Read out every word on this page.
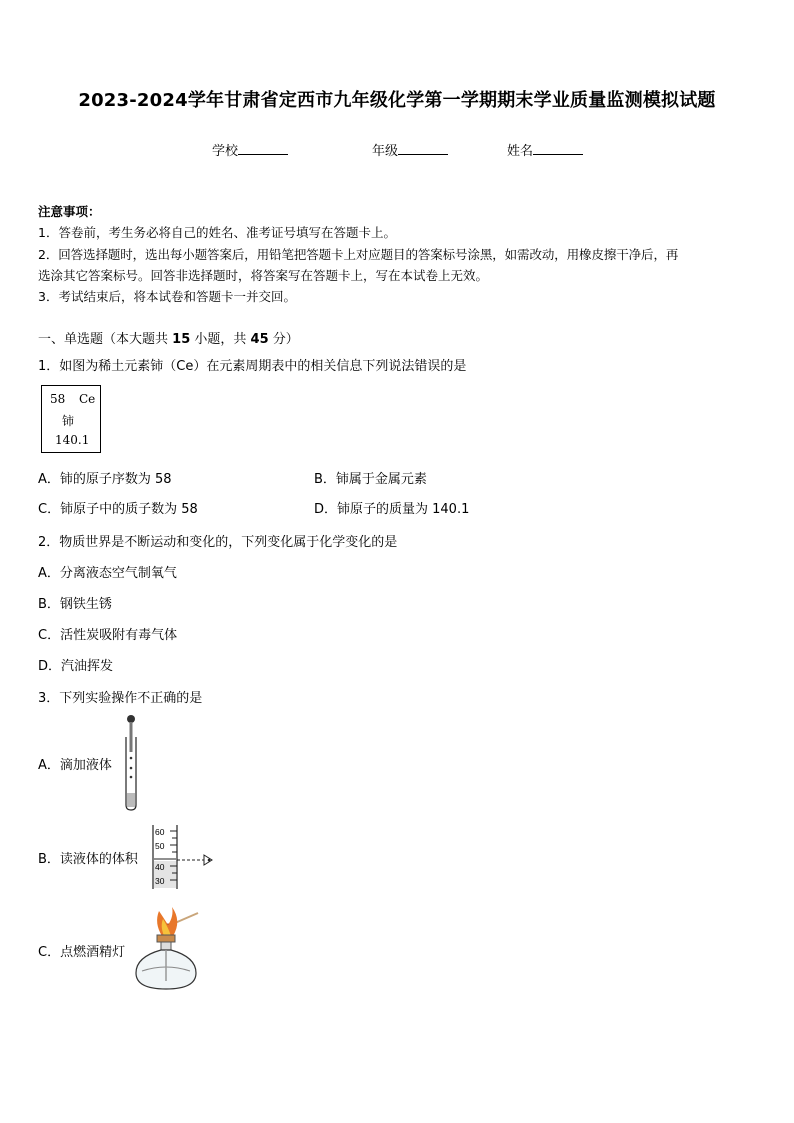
2023-2024学年甘肃省定西市九年级化学第一学期期末学业质量监测模拟试题
学校	年级	姓名
注意事项：
1．答卷前，考生务必将自己的姓名、准考证号填写在答题卡上。
2．回答选择题时，选出每小题答案后，用铅笔把答题卡上对应题目的答案标号涂黑，如需改动，用橡皮擦干净后，再
选涂其它答案标号。回答非选择题时，将答案写在答题卡上，写在本试卷上无效。
3．考试结束后，将本试卷和答题卡一并交回。
一、单选题（本大题共 15 小题，共 45 分）
1．如图为稀土元素铈（Ce）在元素周期表中的相关信息下列说法错误的是
58 Ce
铈
140.1
A．铈的原子序数为 58	B．铈属于金属元素
C．铈原子中的质子数为 58	D．铈原子的质量为 140.1
2．物质世界是不断运动和变化的，下列变化属于化学变化的是
A．分离液态空气制氧气
B．钢铁生锈
C．活性炭吸附有毒气体
D．汽油挥发
3．下列实验操作不正确的是
A．滴加液体
B．读液体的体积
60
50
40
30
C．点燃酒精灯
